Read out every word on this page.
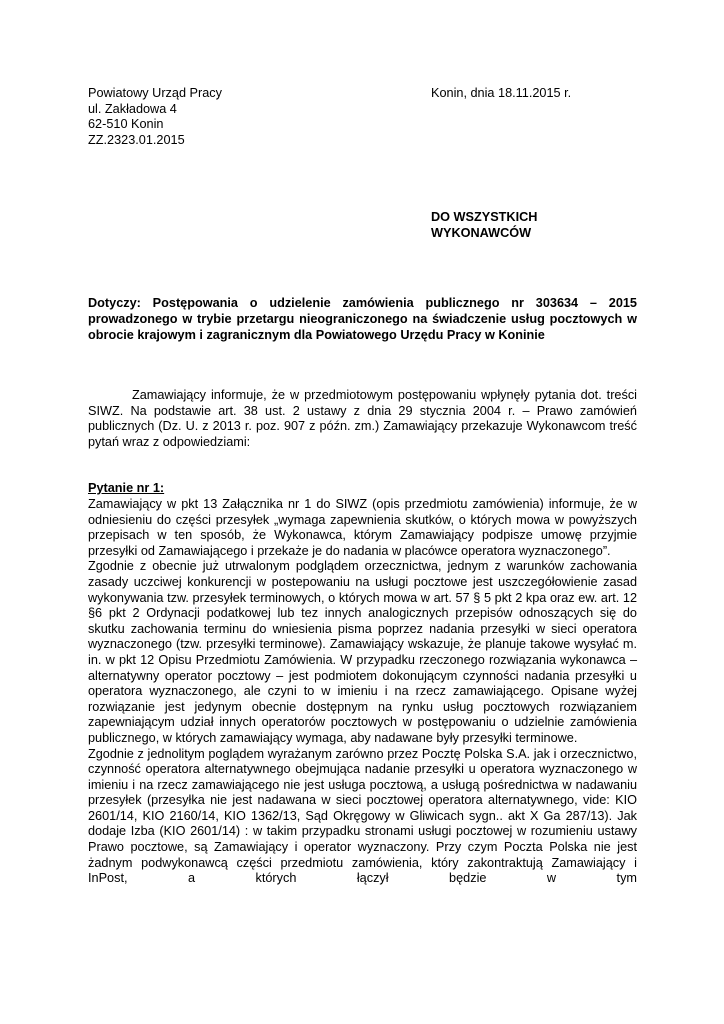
Powiatowy Urząd Pracy
ul. Zakładowa 4
62-510 Konin
ZZ.2323.01.2015
Konin, dnia 18.11.2015 r.
DO WSZYSTKICH
WYKONAWCÓW
Dotyczy: Postępowania o udzielenie zamówienia publicznego nr 303634 – 2015 prowadzonego w trybie przetargu nieograniczonego na świadczenie usług pocztowych w obrocie krajowym i zagranicznym dla Powiatowego Urzędu Pracy w Koninie
Zamawiający informuje, że w przedmiotowym postępowaniu wpłynęły pytania dot. treści SIWZ. Na podstawie art. 38 ust. 2 ustawy z dnia 29 stycznia 2004 r. – Prawo zamówień publicznych (Dz. U. z 2013 r. poz. 907 z późn. zm.) Zamawiający przekazuje Wykonawcom treść pytań wraz z odpowiedziami:
Pytanie nr 1:

Zamawiający w pkt 13 Załącznika nr 1 do SIWZ (opis przedmiotu zamówienia) informuje, że w odniesieniu do części przesyłek „wymaga zapewnienia skutków, o których mowa w powyższych przepisach w ten sposób, że Wykonawca, którym Zamawiający podpisze umowę przyjmie przesyłki od Zamawiającego i przekaże je do nadania w placówce operatora wyznaczonego”.

Zgodnie z obecnie już utrwalonym podglądem orzecznictwa, jednym z warunków zachowania zasady uczciwej konkurencji w postepowaniu na usługi pocztowe jest uszczegółowienie zasad wykonywania tzw. przesyłek terminowych, o których mowa w art. 57 § 5 pkt 2 kpa oraz ew. art. 12 §6 pkt 2 Ordynacji podatkowej lub tez innych analogicznych przepisów odnoszących się do skutku zachowania terminu do wniesienia pisma poprzez nadania przesyłki w sieci operatora wyznaczonego (tzw. przesyłki terminowe). Zamawiający wskazuje, że planuje takowe wysyłać m. in. w pkt 12 Opisu Przedmiotu Zamówienia. W przypadku rzeczonego rozwiązania wykonawca – alternatywny operator pocztowy – jest podmiotem dokonującym czynności nadania przesyłki u operatora wyznaczonego, ale czyni to w imieniu i na rzecz zamawiającego. Opisane wyżej rozwiązanie jest jedynym obecnie dostępnym na rynku usług pocztowych rozwiązaniem zapewniającym udział innych operatorów pocztowych w postępowaniu o udzielnie zamówienia publicznego, w których zamawiający wymaga, aby nadawane były przesyłki terminowe.

Zgodnie z jednolitym poglądem wyrażanym zarówno przez Pocztę Polska S.A. jak i orzecznictwo, czynność operatora alternatywnego obejmująca nadanie przesyłki u operatora wyznaczonego w imieniu i na rzecz zamawiającego nie jest usługa pocztową, a usługą pośrednictwa w nadawaniu przesyłek (przesyłka nie jest nadawana w sieci pocztowej operatora alternatywnego, vide: KIO 2601/14, KIO 2160/14, KIO 1362/13, Sąd Okręgowy w Gliwicach sygn.. akt X Ga 287/13). Jak dodaje Izba (KIO 2601/14) : w takim przypadku stronami usługi pocztowej w rozumieniu ustawy Prawo pocztowe, są Zamawiający i operator wyznaczony. Przy czym Poczta Polska nie jest żadnym podwykonawcą części przedmiotu zamówienia, który zakontraktują Zamawiający i InPost, a których łączył będzie w tym
